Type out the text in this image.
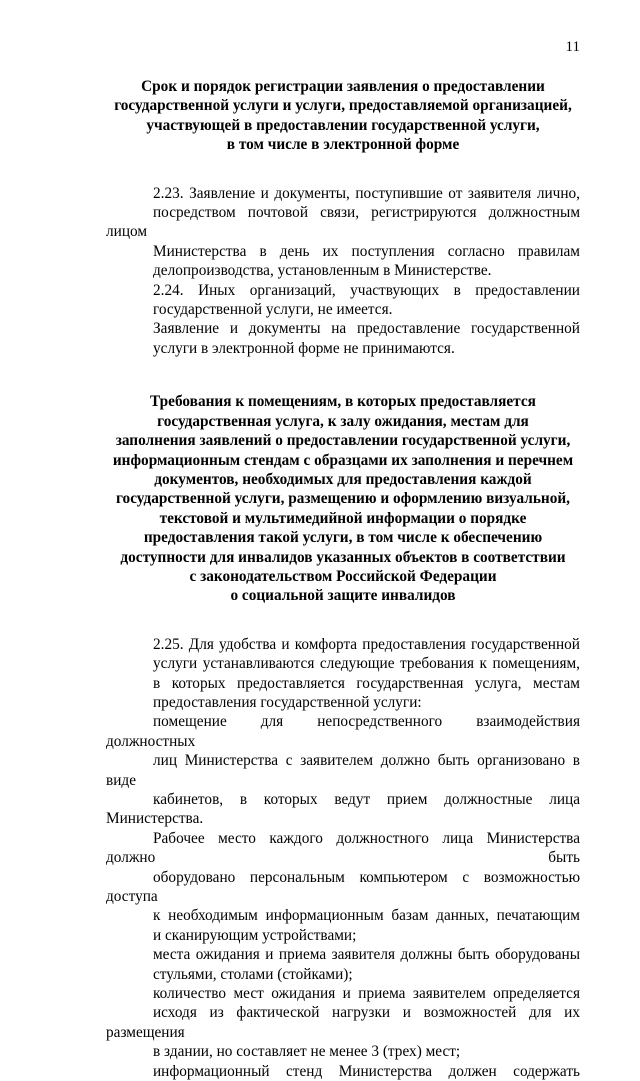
11
Срок и порядок регистрации заявления о предоставлении
государственной услуги и услуги, предоставляемой организацией,
участвующей в предоставлении государственной услуги,
в том числе в электронной форме
2.23. Заявление и документы, поступившие от заявителя лично,
посредством почтовой связи, регистрируются должностным лицом
Министерства в день их поступления согласно правилам
делопроизводства, установленным в Министерстве.
2.24. Иных организаций, участвующих в предоставлении
государственной услуги, не имеется.
Заявление и документы на предоставление государственной
услуги в электронной форме не принимаются.
Требования к помещениям, в которых предоставляется
государственная услуга, к залу ожидания, местам для
заполнения заявлений о предоставлении государственной услуги,
информационным стендам с образцами их заполнения и перечнем
документов, необходимых для предоставления каждой
государственной услуги, размещению и оформлению визуальной,
текстовой и мультимедийной информации о порядке
предоставления такой услуги, в том числе к обеспечению
доступности для инвалидов указанных объектов в соответствии
с законодательством Российской Федерации
о социальной защите инвалидов
2.25. Для удобства и комфорта предоставления государственной
услуги устанавливаются следующие требования к помещениям,
в которых предоставляется государственная услуга, местам
предоставления государственной услуги:
помещение для непосредственного взаимодействия должностных
лиц Министерства с заявителем должно быть организовано в виде
кабинетов, в которых ведут прием должностные лица Министерства.
Рабочее место каждого должностного лица Министерства должно быть
оборудовано персональным компьютером с возможностью доступа
к необходимым информационным базам данных, печатающим
и сканирующим устройствами;
места ожидания и приема заявителя должны быть оборудованы
стульями, столами (стойками);
количество мест ожидания и приема заявителем определяется
исходя из фактической нагрузки и возможностей для их размещения
в здании, но составляет не менее 3 (трех) мест;
информационный стенд Министерства должен содержать
